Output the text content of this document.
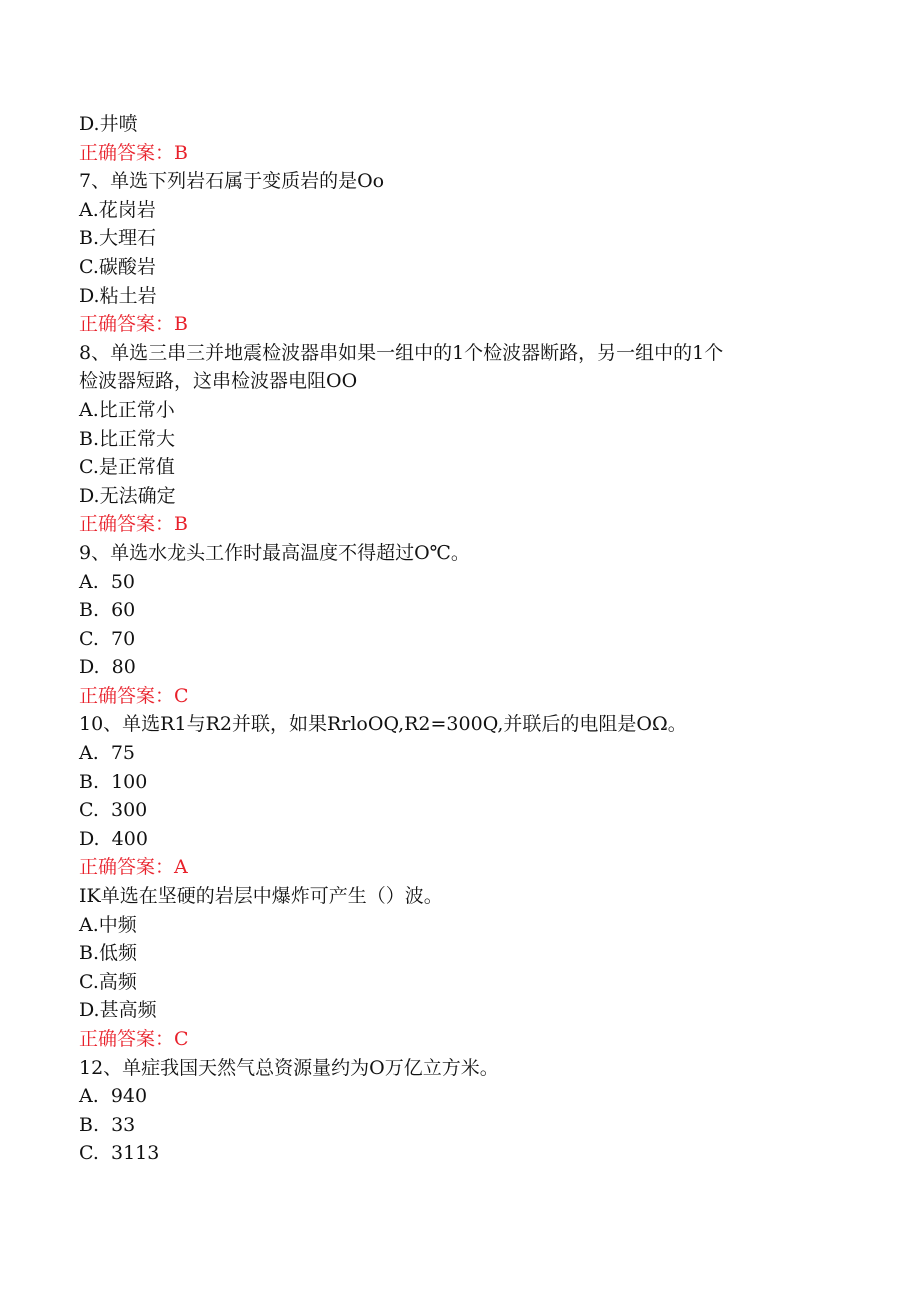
D.井喷

正确答案：B

7、单选下列岩石属于变质岩的是Oo

A.花岗岩

B.大理石

C.碳酸岩

D.粘土岩

正确答案：B

8、单选三串三并地震检波器串如果一组中的1个检波器断路，另一组中的1个

检波器短路，这串检波器电阻OO

A.比正常小

B.比正常大

C.是正常值

D.无法确定

正确答案：B

9、单选水龙头工作时最高温度不得超过O℃。

A.  50

B.  60

C.  70

D.  80

正确答案：C

10、单选R1与R2并联，如果RrloOQ,R2=300Q,并联后的电阻是OΩ。

A.  75

B.  100

C.  300

D.  400

正确答案：A

IK单选在坚硬的岩层中爆炸可产生（）波。

A.中频

B.低频

C.高频

D.甚高频

正确答案：C

12、单症我国天然气总资源量约为O万亿立方米。

A.  940

B.  33

C.  3113
